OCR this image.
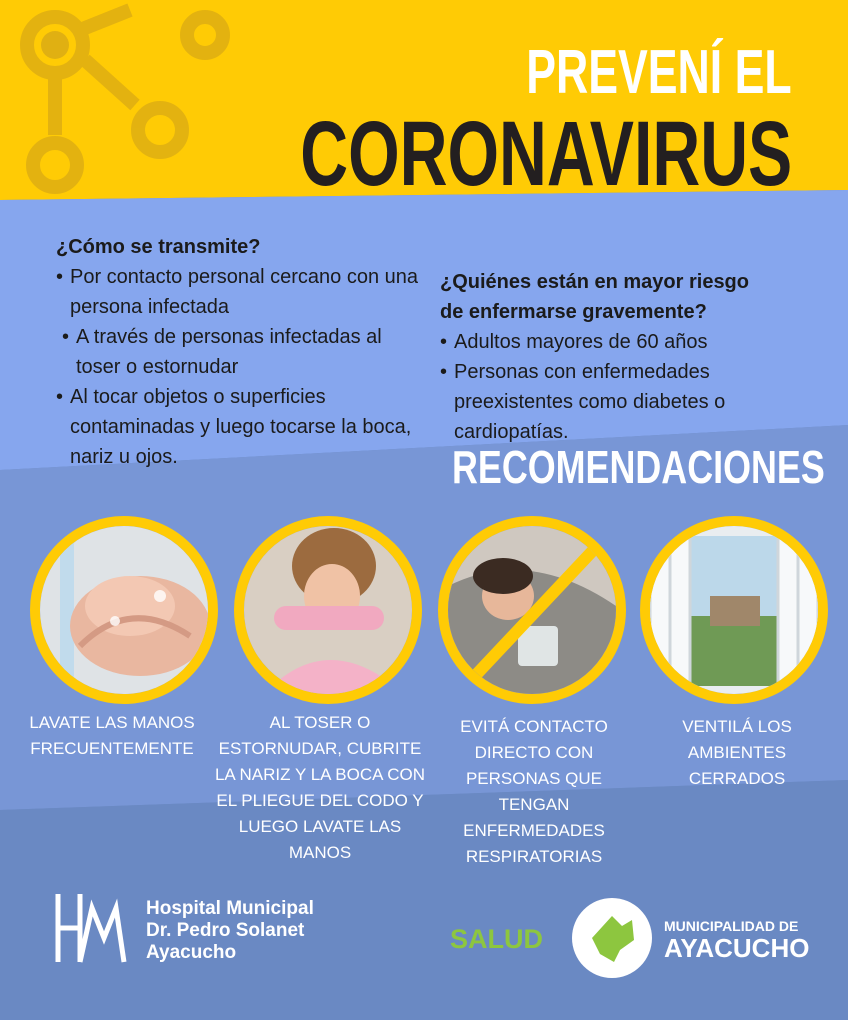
PREVENÍ EL
CORONAVIRUS
¿Cómo se transmite?
• Por contacto personal cercano con una persona infectada
• A través de personas infectadas al toser o estornudar
• Al tocar objetos o superficies contaminadas y luego tocarse la boca, nariz u ojos.
¿Quiénes están en mayor riesgo
de enfermarse gravemente?
• Adultos mayores de 60 años
• Personas con enfermedades preexistentes como diabetes o cardiopatías.
RECOMENDACIONES
LAVATE LAS MANOS FRECUENTEMENTE
AL TOSER O ESTORNUDAR, CUBRITE LA NARIZ Y LA BOCA CON EL PLIEGUE DEL CODO Y LUEGO LAVATE LAS MANOS
EVITÁ CONTACTO DIRECTO CON PERSONAS QUE TENGAN ENFERMEDADES RESPIRATORIAS
VENTILÁ LOS AMBIENTES CERRADOS
Hospital Municipal
Dr. Pedro Solanet
Ayacucho	SALUD	MUNICIPALIDAD DE
AYACUCHO
